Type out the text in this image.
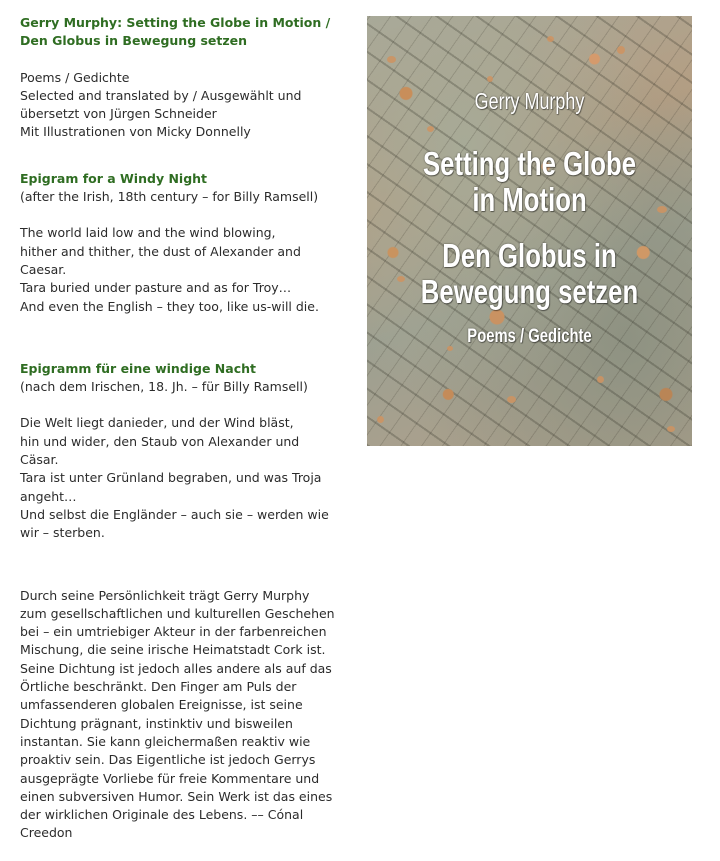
Gerry Murphy: Setting the Globe in Motion /
Den Globus in Bewegung setzen

Poems / Gedichte
Selected and translated by / Ausgewählt und
übersetzt von Jürgen Schneider
Mit Illustrationen von Micky Donnelly

Epigram for a Windy Night

(after the Irish, 18th century – for Billy Ramsell)

The world laid low and the wind blowing,
hither and thither, the dust of Alexander and
Caesar.
Tara buried under pasture and as for Troy…
And even the English – they too, like us-will die.

Epigramm für eine windige Nacht

(nach dem Irischen, 18. Jh. – für Billy Ramsell)

Die Welt liegt danieder, und der Wind bläst,
hin und wider, den Staub von Alexander und
Cäsar.
Tara ist unter Grünland begraben, und was Troja
angeht…
Und selbst die Engländer – auch sie – werden wie
wir – sterben.

Durch seine Persönlichkeit trägt Gerry Murphy
zum gesellschaftlichen und kulturellen Geschehen
bei – ein umtriebiger Akteur in der farbenreichen
Mischung, die seine irische Heimatstadt Cork ist.
Seine Dichtung ist jedoch alles andere als auf das
Örtliche beschränkt. Den Finger am Puls der
umfassenderen globalen Ereignisse, ist seine
Dichtung prägnant, instinktiv und bisweilen
instantan. Sie kann gleichermaßen reaktiv wie
proaktiv sein. Das Eigentliche ist jedoch Gerrys
ausgeprägte Vorliebe für freie Kommentare und
einen subversiven Humor. Sein Werk ist das eines
der wirklichen Originale des Lebens. –– Cónal
Creedon

Gerry Murphy
Setting the Globe
in Motion
Den Globus in
Bewegung setzen
Poems / Gedichte
